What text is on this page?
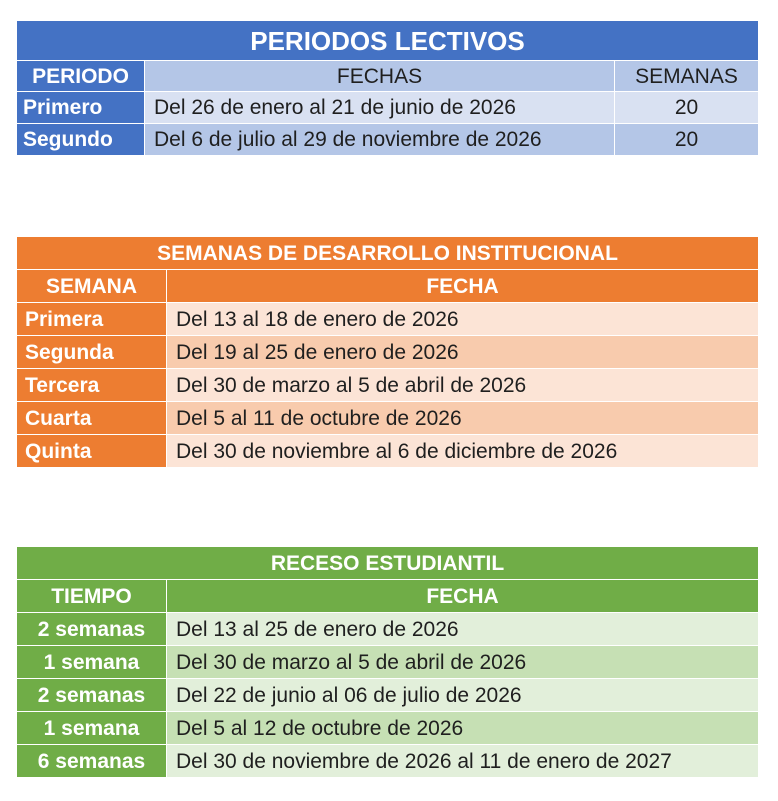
PERIODOS LECTIVOS		
PERIODO	FECHAS	SEMANAS
Primero	Del 26 de enero al 21 de junio de 2026	20
Segundo	Del 6 de julio al 29 de noviembre de 2026	20
SEMANAS DE DESARROLLO INSTITUCIONAL	
SEMANA	FECHA
Primera	Del 13 al 18 de enero de 2026
Segunda	Del 19 al 25 de enero de 2026
Tercera	Del 30 de marzo al 5 de abril de 2026
Cuarta	Del 5 al 11 de octubre de 2026
Quinta	Del 30 de noviembre al 6 de diciembre de 2026
RECESO ESTUDIANTIL	
TIEMPO	FECHA
2 semanas	Del 13 al 25 de enero de 2026
1 semana	Del 30 de marzo al 5 de abril de 2026
2 semanas	Del 22 de junio al 06 de julio de 2026
1 semana	Del 5 al 12 de octubre de 2026
6 semanas	Del 30 de noviembre de 2026 al 11 de enero de 2027
